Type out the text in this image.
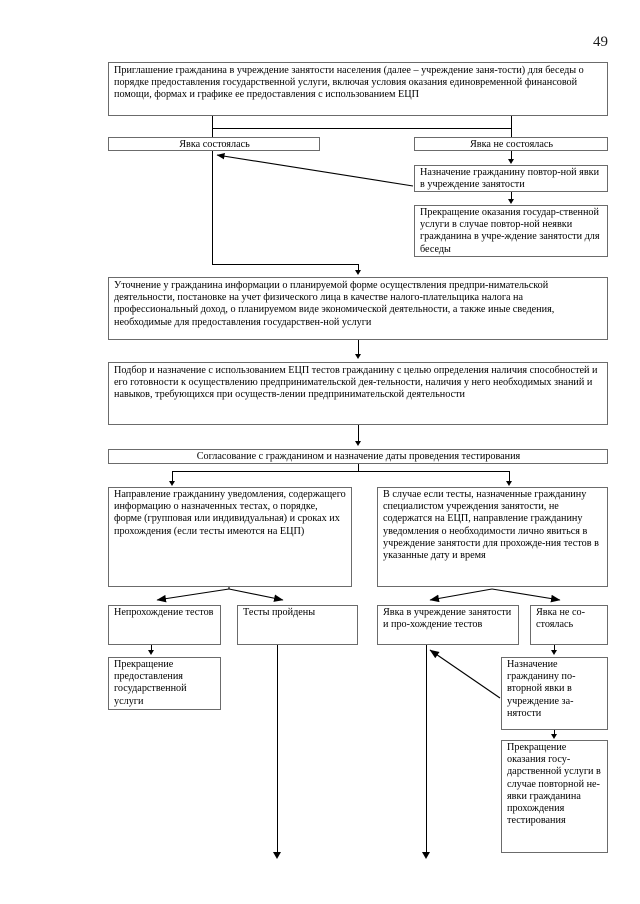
49
Приглашение гражданина в учреждение занятости населения (далее – учреждение заня-тости) для беседы о порядке предоставления государственной услуги, включая условия оказания единовременной финансовой помощи, формах и графике ее предоставления с использованием ЕЦП
Явка состоялась	Явка не состоялась
Назначение гражданину повтор-ной явки в учреждение занятости
Прекращение оказания государ-ственной услуги в случае повтор-ной неявки гражданина в учре-ждение занятости для беседы
Уточнение у гражданина информации о планируемой форме осуществления предпри-нимательской деятельности, постановке на учет физического лица в качестве налого-плательщика налога на профессиональный доход, о планируемом виде экономической деятельности, а также иные сведения, необходимые для предоставления государствен-ной услуги
Подбор и назначение с использованием ЕЦП тестов гражданину с целью определения наличия способностей и его готовности к осуществлению предпринимательской дея-тельности, наличия у него необходимых знаний и навыков, требующихся при осуществ-лении предпринимательской деятельности
Согласование с гражданином и назначение даты проведения тестирования
Направление гражданину уведомления, содержащего информацию о назначенных тестах, о порядке, форме (групповая или индивидуальная) и сроках их прохождения (если тесты имеются на ЕЦП)
В случае если тесты, назначенные гражданину специалистом учреждения занятости, не содержатся на ЕЦП, направление гражданину уведомления о необходимости лично явиться в учреждение занятости для прохожде-ния тестов в указанные дату и время
Непрохождение тестов	Тесты пройдены	Явка в учреждение занятости и про-хождение тестов
Явка не со-стоялась
Прекращение предоставления государственной услуги
Назначение гражданину по-вторной явки в учреждение за-нятости
Прекращение оказания госу-дарственной услуги в случае повторной не-явки гражданина прохождения тестирования
